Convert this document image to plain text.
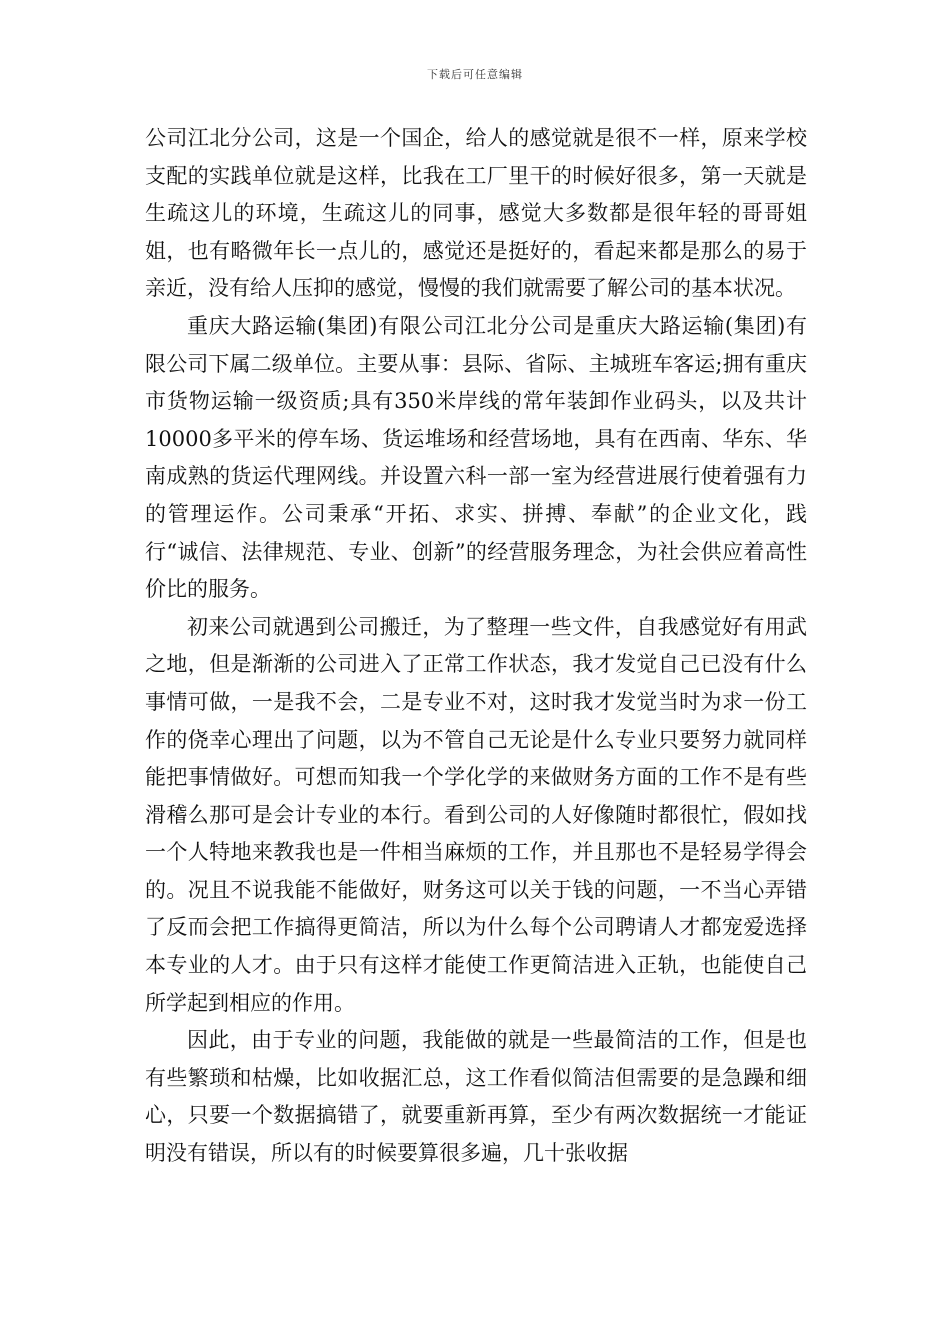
下载后可任意编辑

公司江北分公司，这是一个国企，给人的感觉就是很不一样，原来学校支配的实践单位就是这样，比我在工厂里干的时候好很多，第一天就是生疏这儿的环境，生疏这儿的同事，感觉大多数都是很年轻的哥哥姐姐，也有略微年长一点儿的，感觉还是挺好的，看起来都是那么的易于亲近，没有给人压抑的感觉，慢慢的我们就需要了解公司的基本状况。

重庆大路运输(集团)有限公司江北分公司是重庆大路运输(集团)有限公司下属二级单位。主要从事：县际、省际、主城班车客运;拥有重庆市货物运输一级资质;具有350米岸线的常年装卸作业码头，以及共计10000多平米的停车场、货运堆场和经营场地，具有在西南、华东、华南成熟的货运代理网线。并设置六科一部一室为经营进展行使着强有力的管理运作。公司秉承“开拓、求实、拼搏、奉献”的企业文化，践行“诚信、法律规范、专业、创新”的经营服务理念，为社会供应着高性价比的服务。

初来公司就遇到公司搬迁，为了整理一些文件，自我感觉好有用武之地，但是渐渐的公司进入了正常工作状态，我才发觉自己已没有什么事情可做，一是我不会，二是专业不对，这时我才发觉当时为求一份工作的侥幸心理出了问题，以为不管自己无论是什么专业只要努力就同样能把事情做好。可想而知我一个学化学的来做财务方面的工作不是有些滑稽么那可是会计专业的本行。看到公司的人好像随时都很忙，假如找一个人特地来教我也是一件相当麻烦的工作，并且那也不是轻易学得会的。况且不说我能不能做好，财务这可以关于钱的问题，一不当心弄错了反而会把工作搞得更简洁，所以为什么每个公司聘请人才都宠爱选择本专业的人才。由于只有这样才能使工作更简洁进入正轨，也能使自己所学起到相应的作用。

因此，由于专业的问题，我能做的就是一些最简洁的工作，但是也有些繁琐和枯燥，比如收据汇总，这工作看似简洁但需要的是急躁和细心，只要一个数据搞错了，就要重新再算，至少有两次数据统一才能证明没有错误，所以有的时候要算很多遍，几十张收据
